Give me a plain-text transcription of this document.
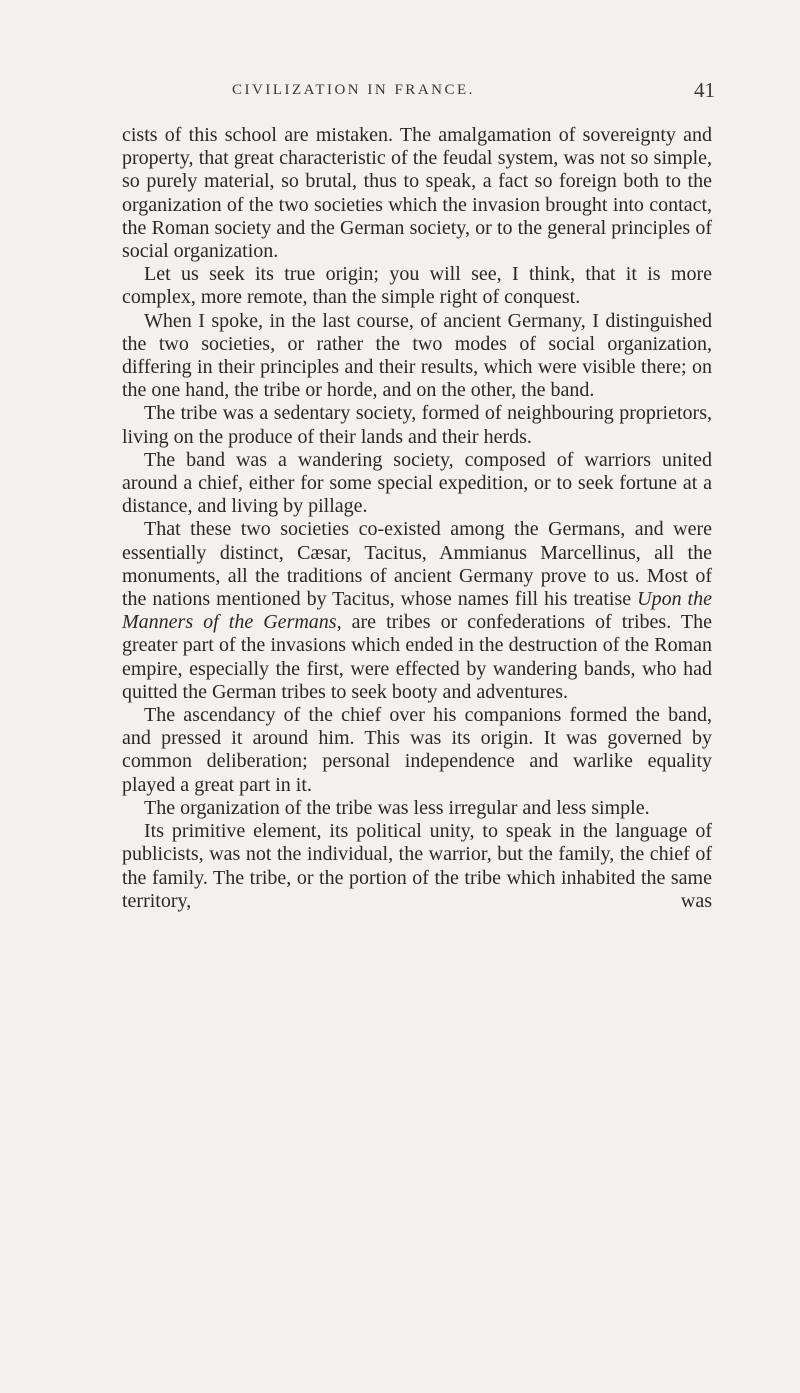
CIVILIZATION IN FRANCE.	41

cists of this school are mistaken. The amalgamation of sovereignty and property, that great characteristic of the feudal system, was not so simple, so purely material, so brutal, thus to speak, a fact so foreign both to the organization of the two societies which the invasion brought into contact, the Roman society and the German society, or to the general principles of social organization.

Let us seek its true origin; you will see, I think, that it is more complex, more remote, than the simple right of conquest.

When I spoke, in the last course, of ancient Germany, I distinguished the two societies, or rather the two modes of social organization, differing in their principles and their results, which were visible there; on the one hand, the tribe or horde, and on the other, the band.

The tribe was a sedentary society, formed of neighbouring proprietors, living on the produce of their lands and their herds.

The band was a wandering society, composed of warriors united around a chief, either for some special expedition, or to seek fortune at a distance, and living by pillage.

That these two societies co-existed among the Germans, and were essentially distinct, Cæsar, Tacitus, Ammianus Marcellinus, all the monuments, all the traditions of ancient Germany prove to us. Most of the nations mentioned by Tacitus, whose names fill his treatise Upon the Manners of the Germans, are tribes or confederations of tribes. The greater part of the invasions which ended in the destruction of the Roman empire, especially the first, were effected by wandering bands, who had quitted the German tribes to seek booty and adventures.

The ascendancy of the chief over his companions formed the band, and pressed it around him. This was its origin. It was governed by common deliberation; personal independence and warlike equality played a great part in it.

The organization of the tribe was less irregular and less simple.

Its primitive element, its political unity, to speak in the language of publicists, was not the individual, the warrior, but the family, the chief of the family. The tribe, or the portion of the tribe which inhabited the same territory, was
